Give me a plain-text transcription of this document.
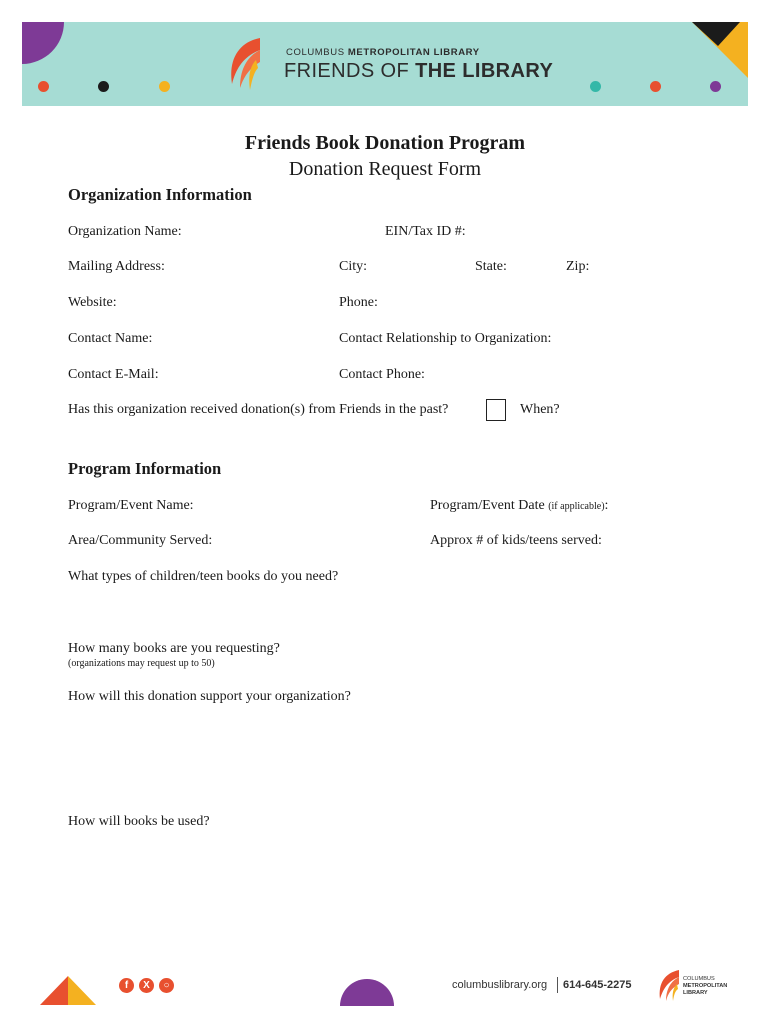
COLUMBUS METROPOLITAN LIBRARY
FRIENDS OF THE LIBRARY
Friends Book Donation Program
Donation Request Form
Organization Information
Organization Name:	EIN/Tax ID #:
Mailing Address:	City:	State:	Zip:
Website:	Phone:
Contact Name:	Contact Relationship to Organization:
Contact E-Mail:	Contact Phone:
Has this organization received donation(s) from Friends in the past?	When?
Program Information
Program/Event Name:	Program/Event Date (if applicable):
Area/Community Served:	Approx # of kids/teens served:
What types of children/teen books do you need?
How many books are you requesting?
(organizations may request up to 50)
How will this donation support your organization?
How will books be used?
f	X	○	columbuslibrary.org 614-645-2275	COLUMBUS
METROPOLITAN
LIBRARY
